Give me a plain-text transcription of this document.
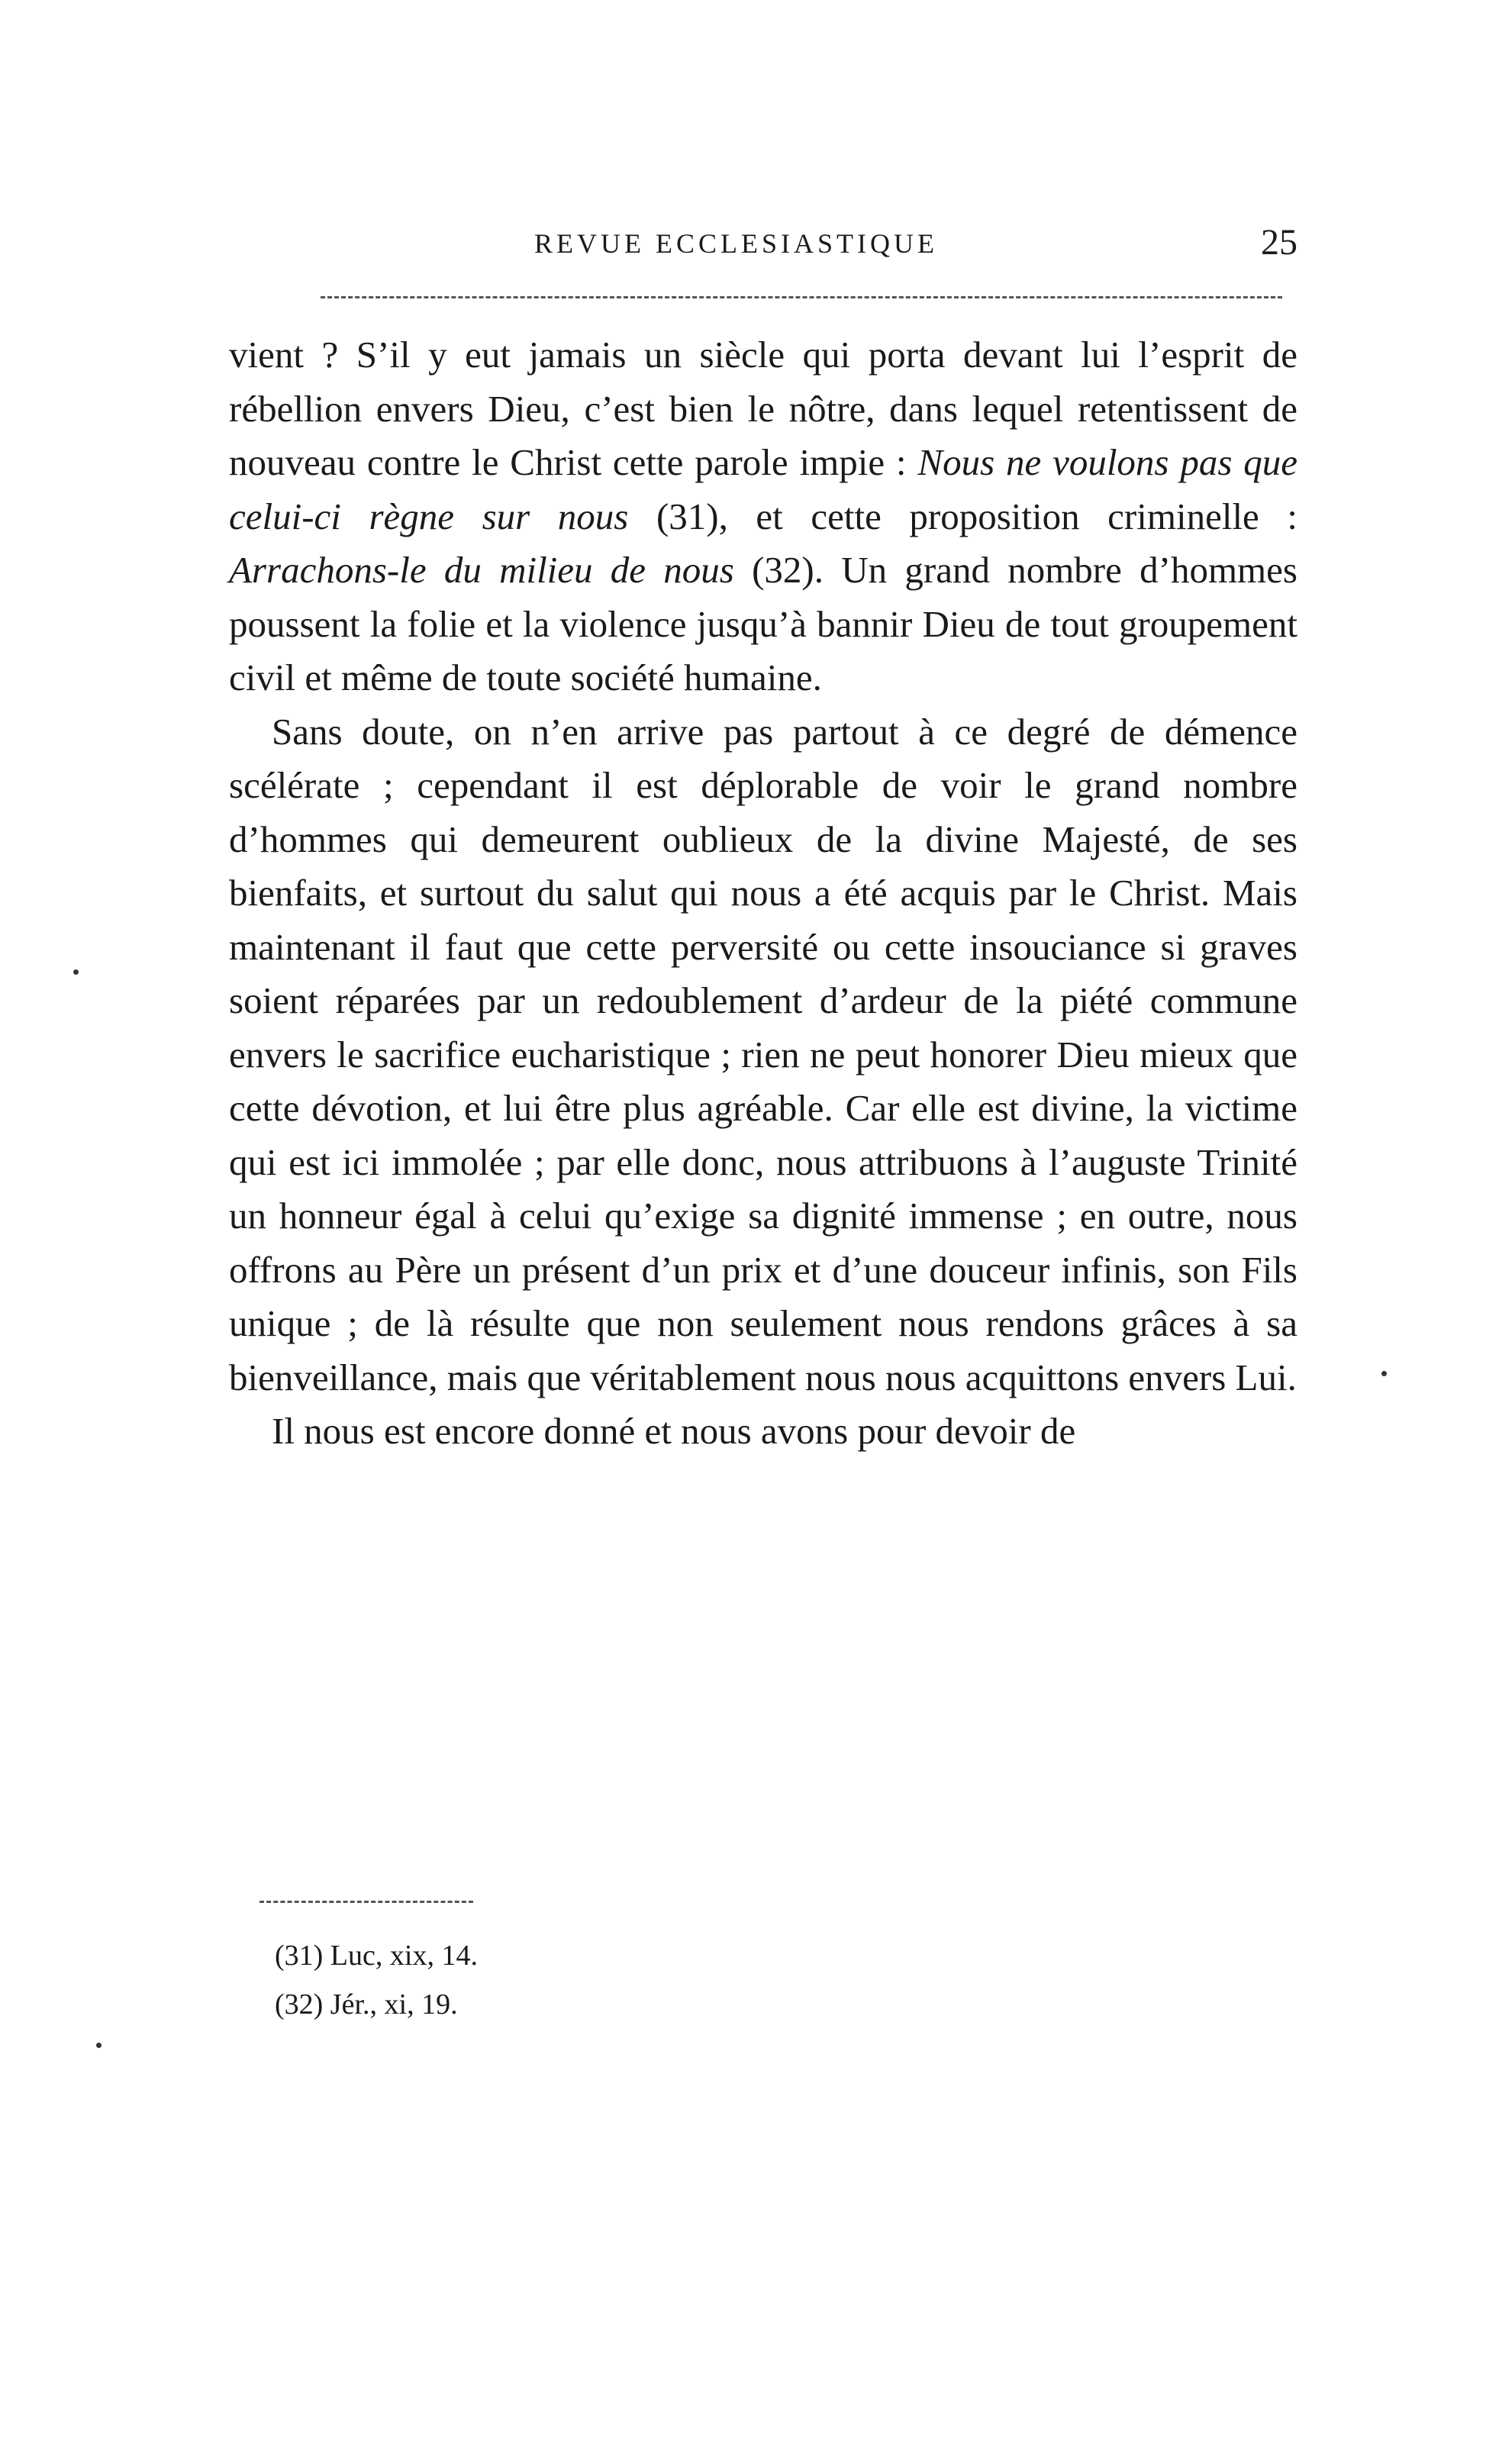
REVUE ECCLESIASTIQUE	25

vient ? S’il y eut jamais un siècle qui porta devant lui l’esprit de rébellion envers Dieu, c’est bien le nôtre, dans lequel retentissent de nouveau contre le Christ cette parole impie : Nous ne voulons pas que celui-ci règne sur nous (31), et cette proposition criminelle : Arrachons-le du milieu de nous (32). Un grand nombre d’hommes poussent la folie et la violence jusqu’à bannir Dieu de tout groupement civil et même de toute société humaine.

Sans doute, on n’en arrive pas partout à ce degré de démence scélérate ; cependant il est déplorable de voir le grand nombre d’hommes qui demeurent oublieux de la divine Majesté, de ses bienfaits, et surtout du salut qui nous a été acquis par le Christ. Mais maintenant il faut que cette perversité ou cette insouciance si graves soient réparées par un redoublement d’ardeur de la piété commune envers le sacrifice eucharistique ; rien ne peut honorer Dieu mieux que cette dévotion, et lui être plus agréable. Car elle est divine, la victime qui est ici immolée ; par elle donc, nous attribuons à l’auguste Trinité un honneur égal à celui qu’exige sa dignité immense ; en outre, nous offrons au Père un présent d’un prix et d’une douceur infinis, son Fils unique ; de là résulte que non seulement nous rendons grâces à sa bienveillance, mais que véritablement nous nous acquittons envers Lui.

Il nous est encore donné et nous avons pour devoir de

(31) Luc, xix, 14.
(32) Jér., xi, 19.
